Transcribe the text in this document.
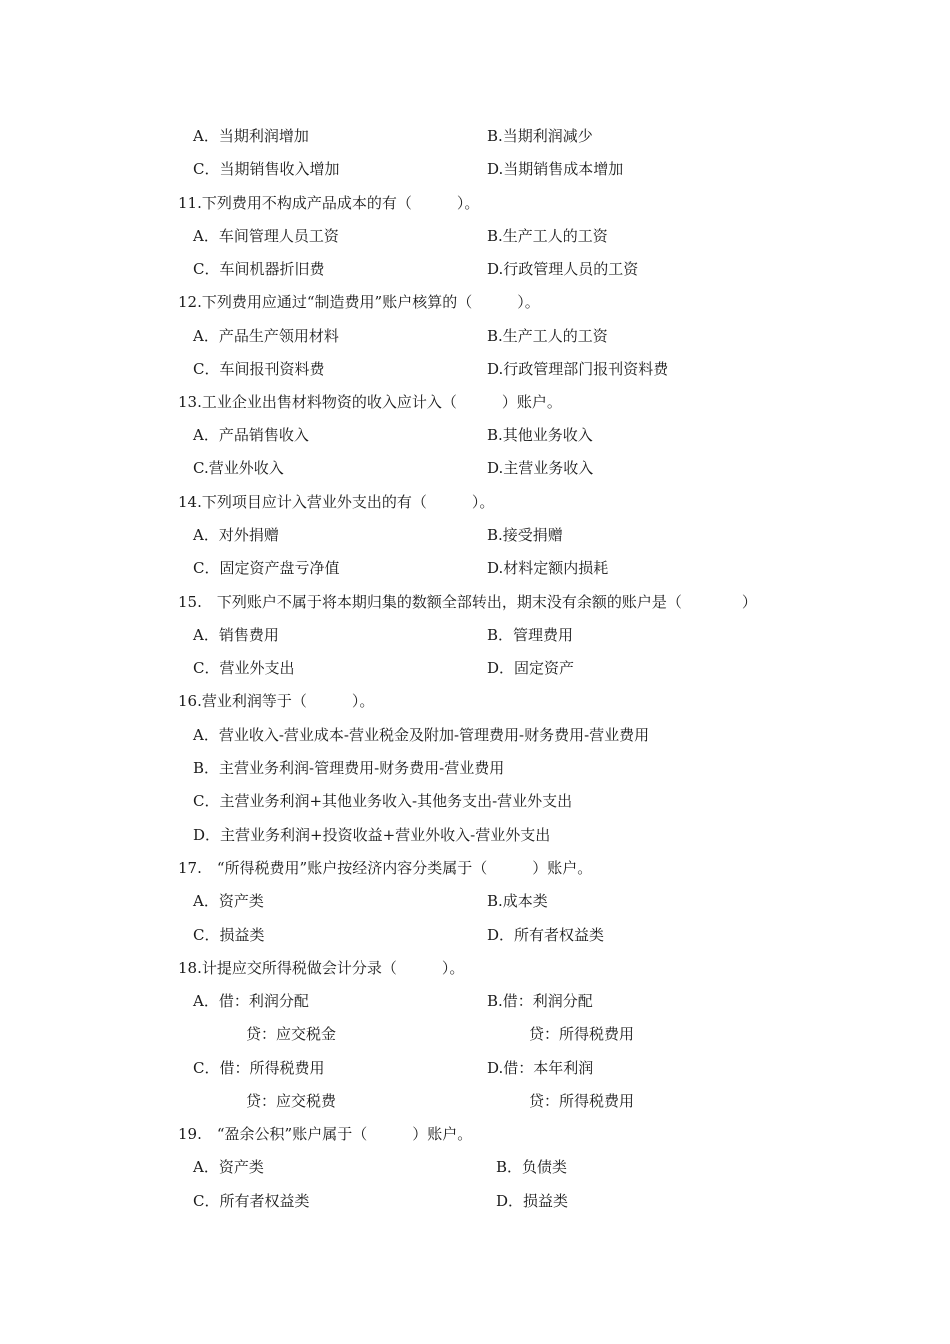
A．当期利润增加	B.当期利润减少
C．当期销售收入增加	D.当期销售成本增加
11.下列费用不构成产品成本的有（　　　）。
A．车间管理人员工资	B.生产工人的工资
C．车间机器折旧费	D.行政管理人员的工资
12.下列费用应通过“制造费用”账户核算的（　　　）。
A．产品生产领用材料	B.生产工人的工资
C．车间报刊资料费	D.行政管理部门报刊资料费
13.工业企业出售材料物资的收入应计入（　　　）账户。
A．产品销售收入	B.其他业务收入
C.营业外收入	D.主营业务收入
14.下列项目应计入营业外支出的有（　　　）。
A．对外捐赠	B.接受捐赠
C．固定资产盘亏净值	D.材料定额内损耗
15.　下列账户不属于将本期归集的数额全部转出，期末没有余额的账户是（　　　　）
A．销售费用	B．管理费用
C．营业外支出	D．固定资产
16.营业利润等于（　　　）。
A．营业收入-营业成本-营业税金及附加-管理费用-财务费用-营业费用
B．主营业务利润-管理费用-财务费用-营业费用
C．主营业务利润+其他业务收入-其他务支出-营业外支出
D．主营业务利润+投资收益+营业外收入-营业外支出
17.　“所得税费用”账户按经济内容分类属于（　　　）账户。
A．资产类	B.成本类
C．损益类	D．所有者权益类
18.计提应交所得税做会计分录（　　　）。
A．借：利润分配	B.借：利润分配
贷：应交税金	贷：所得税费用
C．借：所得税费用	D.借：本年利润
贷：应交税费	贷：所得税费用
19.　“盈余公积”账户属于（　　　）账户。
A．资产类	B．负债类
C．所有者权益类	D．损益类
